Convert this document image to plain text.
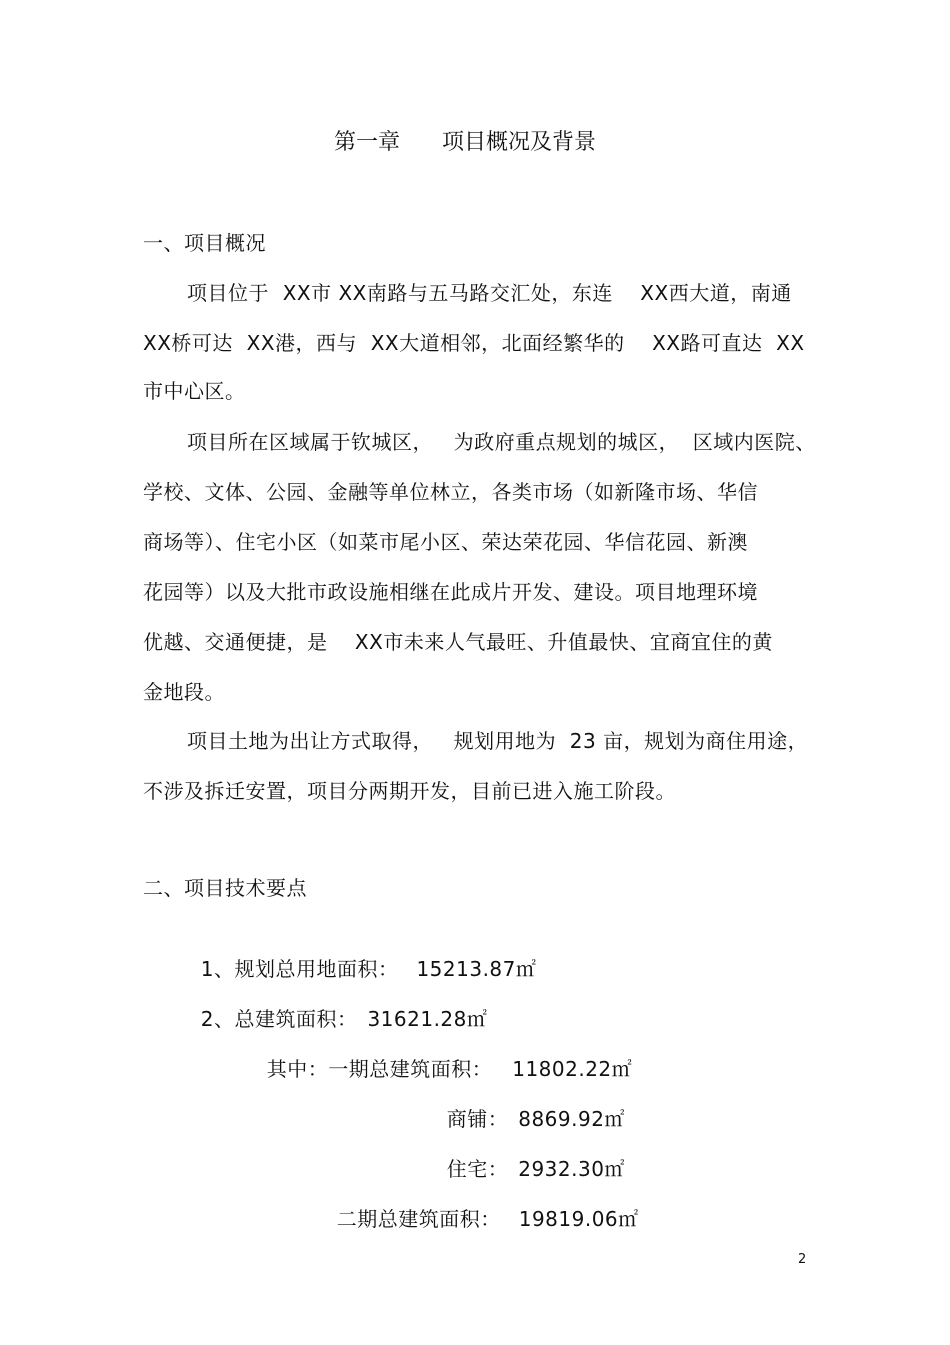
第一章      项目概况及背景
一、项目概况
项目位于  XX市 XX南路与五马路交汇处，东连    XX西大道，南通
XX桥可达  XX港，西与  XX大道相邻，北面经繁华的    XX路可直达  XX
市中心区。
项目所在区域属于钦城区，   为政府重点规划的城区，  区域内医院、
学校、文体、公园、金融等单位林立，各类市场（如新隆市场、华信
商场等）、住宅小区（如菜市尾小区、荣达荣花园、华信花园、新澳
花园等）以及大批市政设施相继在此成片开发、建设。项目地理环境
优越、交通便捷，是    XX市未来人气最旺、升值最快、宜商宜住的黄
金地段。
项目土地为出让方式取得，   规划用地为  23 亩，规划为商住用途，
不涉及拆迁安置，项目分两期开发，目前已进入施工阶段。
二、项目技术要点

1、规划总用地面积： 15213.87㎡

2、总建筑面积： 31621.28㎡

其中：一期总建筑面积： 11802.22㎡

商铺： 8869.92㎡

住宅： 2932.30㎡

二期总建筑面积： 19819.06㎡

2
